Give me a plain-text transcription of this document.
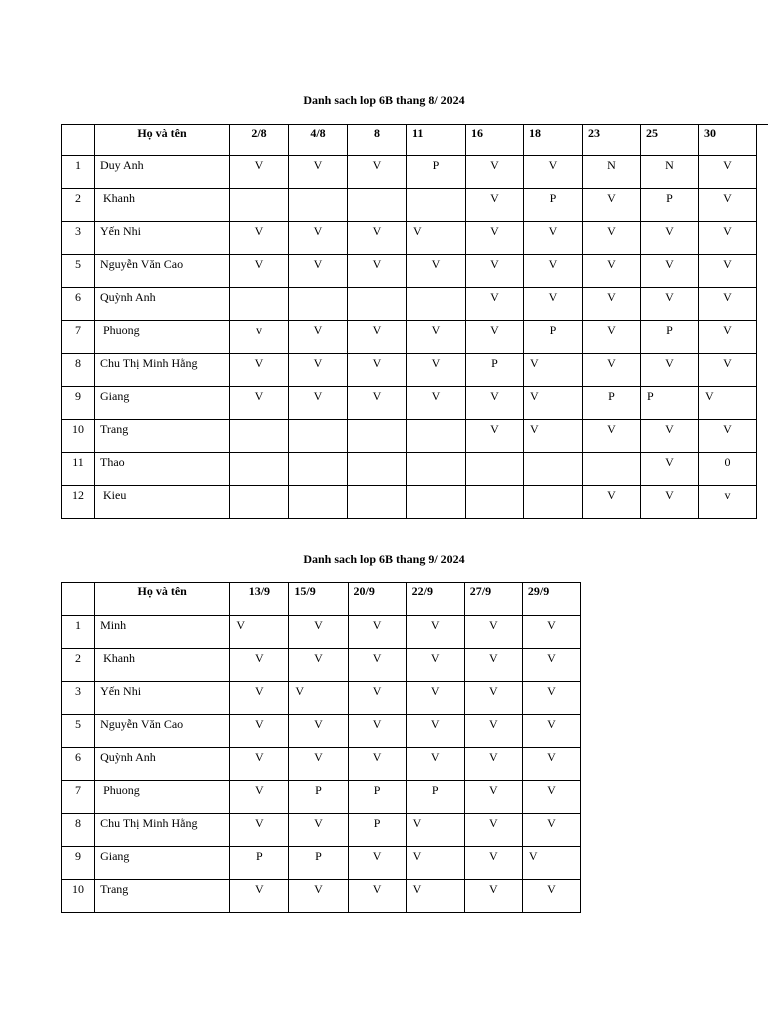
Danh sach lop 6B thang 8/ 2024
	Họ và tên	2/8	4/8	8	11	16	18	23	25	30	
1	Duy Anh	V	V	V	P	V	V	N	N	V	
2	Khanh					V	P	V	P	V	
3	Yến Nhi	V	V	V	V	V	V	V	V	V	
5	Nguyễn Văn Cao	V	V	V	V	V	V	V	V	V	
6	Quỳnh Anh					V	V	V	V	V	
7	Phuong	v	V	V	V	V	P	V	P	V	
8	Chu Thị Minh Hằng	V	V	V	V	P	V	V	V	V	
9	Giang	V	V	V	V	V	V	P	P	V	
10	Trang					V	V	V	V	V	
11	Thao								V	0	
12	Kieu							V	V	v	
Danh sach lop 6B thang 9/ 2024
	Họ và tên	13/9	15/9	20/9	22/9	27/9	29/9
1	Minh	V	V	V	V	V	V
2	Khanh	V	V	V	V	V	V
3	Yến Nhi	V	V	V	V	V	V
5	Nguyễn Văn Cao	V	V	V	V	V	V
6	Quỳnh Anh	V	V	V	V	V	V
7	Phuong	V	P	P	P	V	V
8	Chu Thị Minh Hằng	V	V	P	V	V	V
9	Giang	P	P	V	V	V	V
10	Trang	V	V	V	V	V	V
